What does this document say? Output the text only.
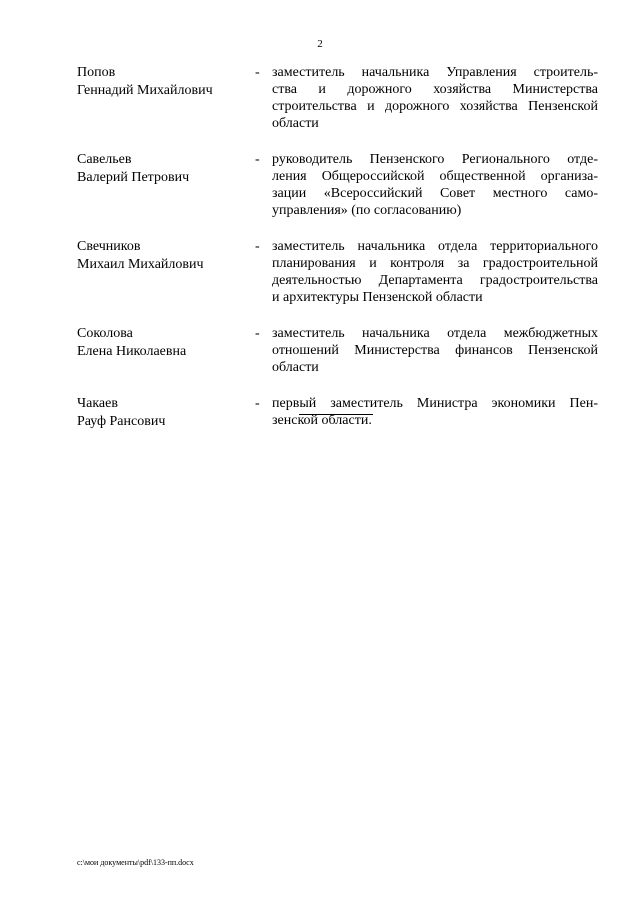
2
Попов
Геннадий Михайлович
- заместитель начальника Управления строитель-
ства и дорожного хозяйства Министерства
строительства и дорожного хозяйства Пензенской
области
Савельев
Валерий Петрович
- руководитель Пензенского Регионального отде-
ления Общероссийской общественной организа-
зации «Всероссийский Совет местного само-
управления» (по согласованию)
Свечников
Михаил Михайлович
- заместитель начальника отдела территориального
планирования и контроля за градостроительной
деятельностью Департамента градостроительства
и архитектуры Пензенской области
Соколова
Елена Николаевна
- заместитель начальника отдела межбюджетных
отношений Министерства финансов Пензенской
области
Чакаев
Рауф Рансович
- первый заместитель Министра экономики Пен-
зенской области.
c:\мои документы\pdf\133-пп.docx
